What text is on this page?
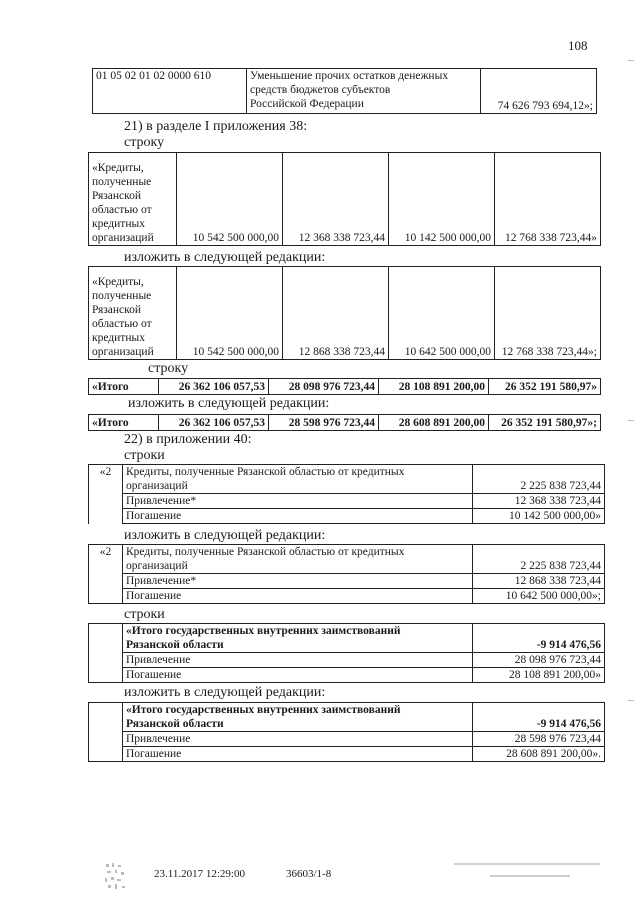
108
01 05 02 01 02 0000 610	Уменьшение прочих остатков денежных
средств бюджетов субъектов
Российской Федерации	74 626 793 694,12»;
21) в разделе I приложения 38:
строку
«Кредиты,
полученные
Рязанской
областью от
кредитных
организаций	10 542 500 000,00	12 368 338 723,44	10 142 500 000,00	12 768 338 723,44»
изложить в следующей редакции:
«Кредиты,
полученные
Рязанской
областью от
кредитных
организаций	10 542 500 000,00	12 868 338 723,44	10 642 500 000,00	12 768 338 723,44»;
строку
«Итого	26 362 106 057,53	28 098 976 723,44	28 108 891 200,00	26 352 191 580,97»
изложить в следующей редакции:
«Итого	26 362 106 057,53	28 598 976 723,44	28 608 891 200,00	26 352 191 580,97»;
22) в приложении 40:
строки
«2	Кредиты, полученные Рязанской областью от кредитных
организаций	2 225 838 723,44
	Привлечение*	12 368 338 723,44
	Погашение	10 142 500 000,00»
изложить в следующей редакции:
«2	Кредиты, полученные Рязанской областью от кредитных
организаций	2 225 838 723,44
	Привлечение*	12 868 338 723,44
	Погашение	10 642 500 000,00»;
строки

	«Итого государственных внутренних заимствований
Рязанской области	-9 914 476,56
	Привлечение	28 098 976 723,44
	Погашение	28 108 891 200,00»
изложить в следующей редакции:

	«Итого государственных внутренних заимствований
Рязанской области	-9 914 476,56
	Привлечение	28 598 976 723,44
	Погашение	28 608 891 200,00».
23.11.2017 12:29:00	36603/1-8
